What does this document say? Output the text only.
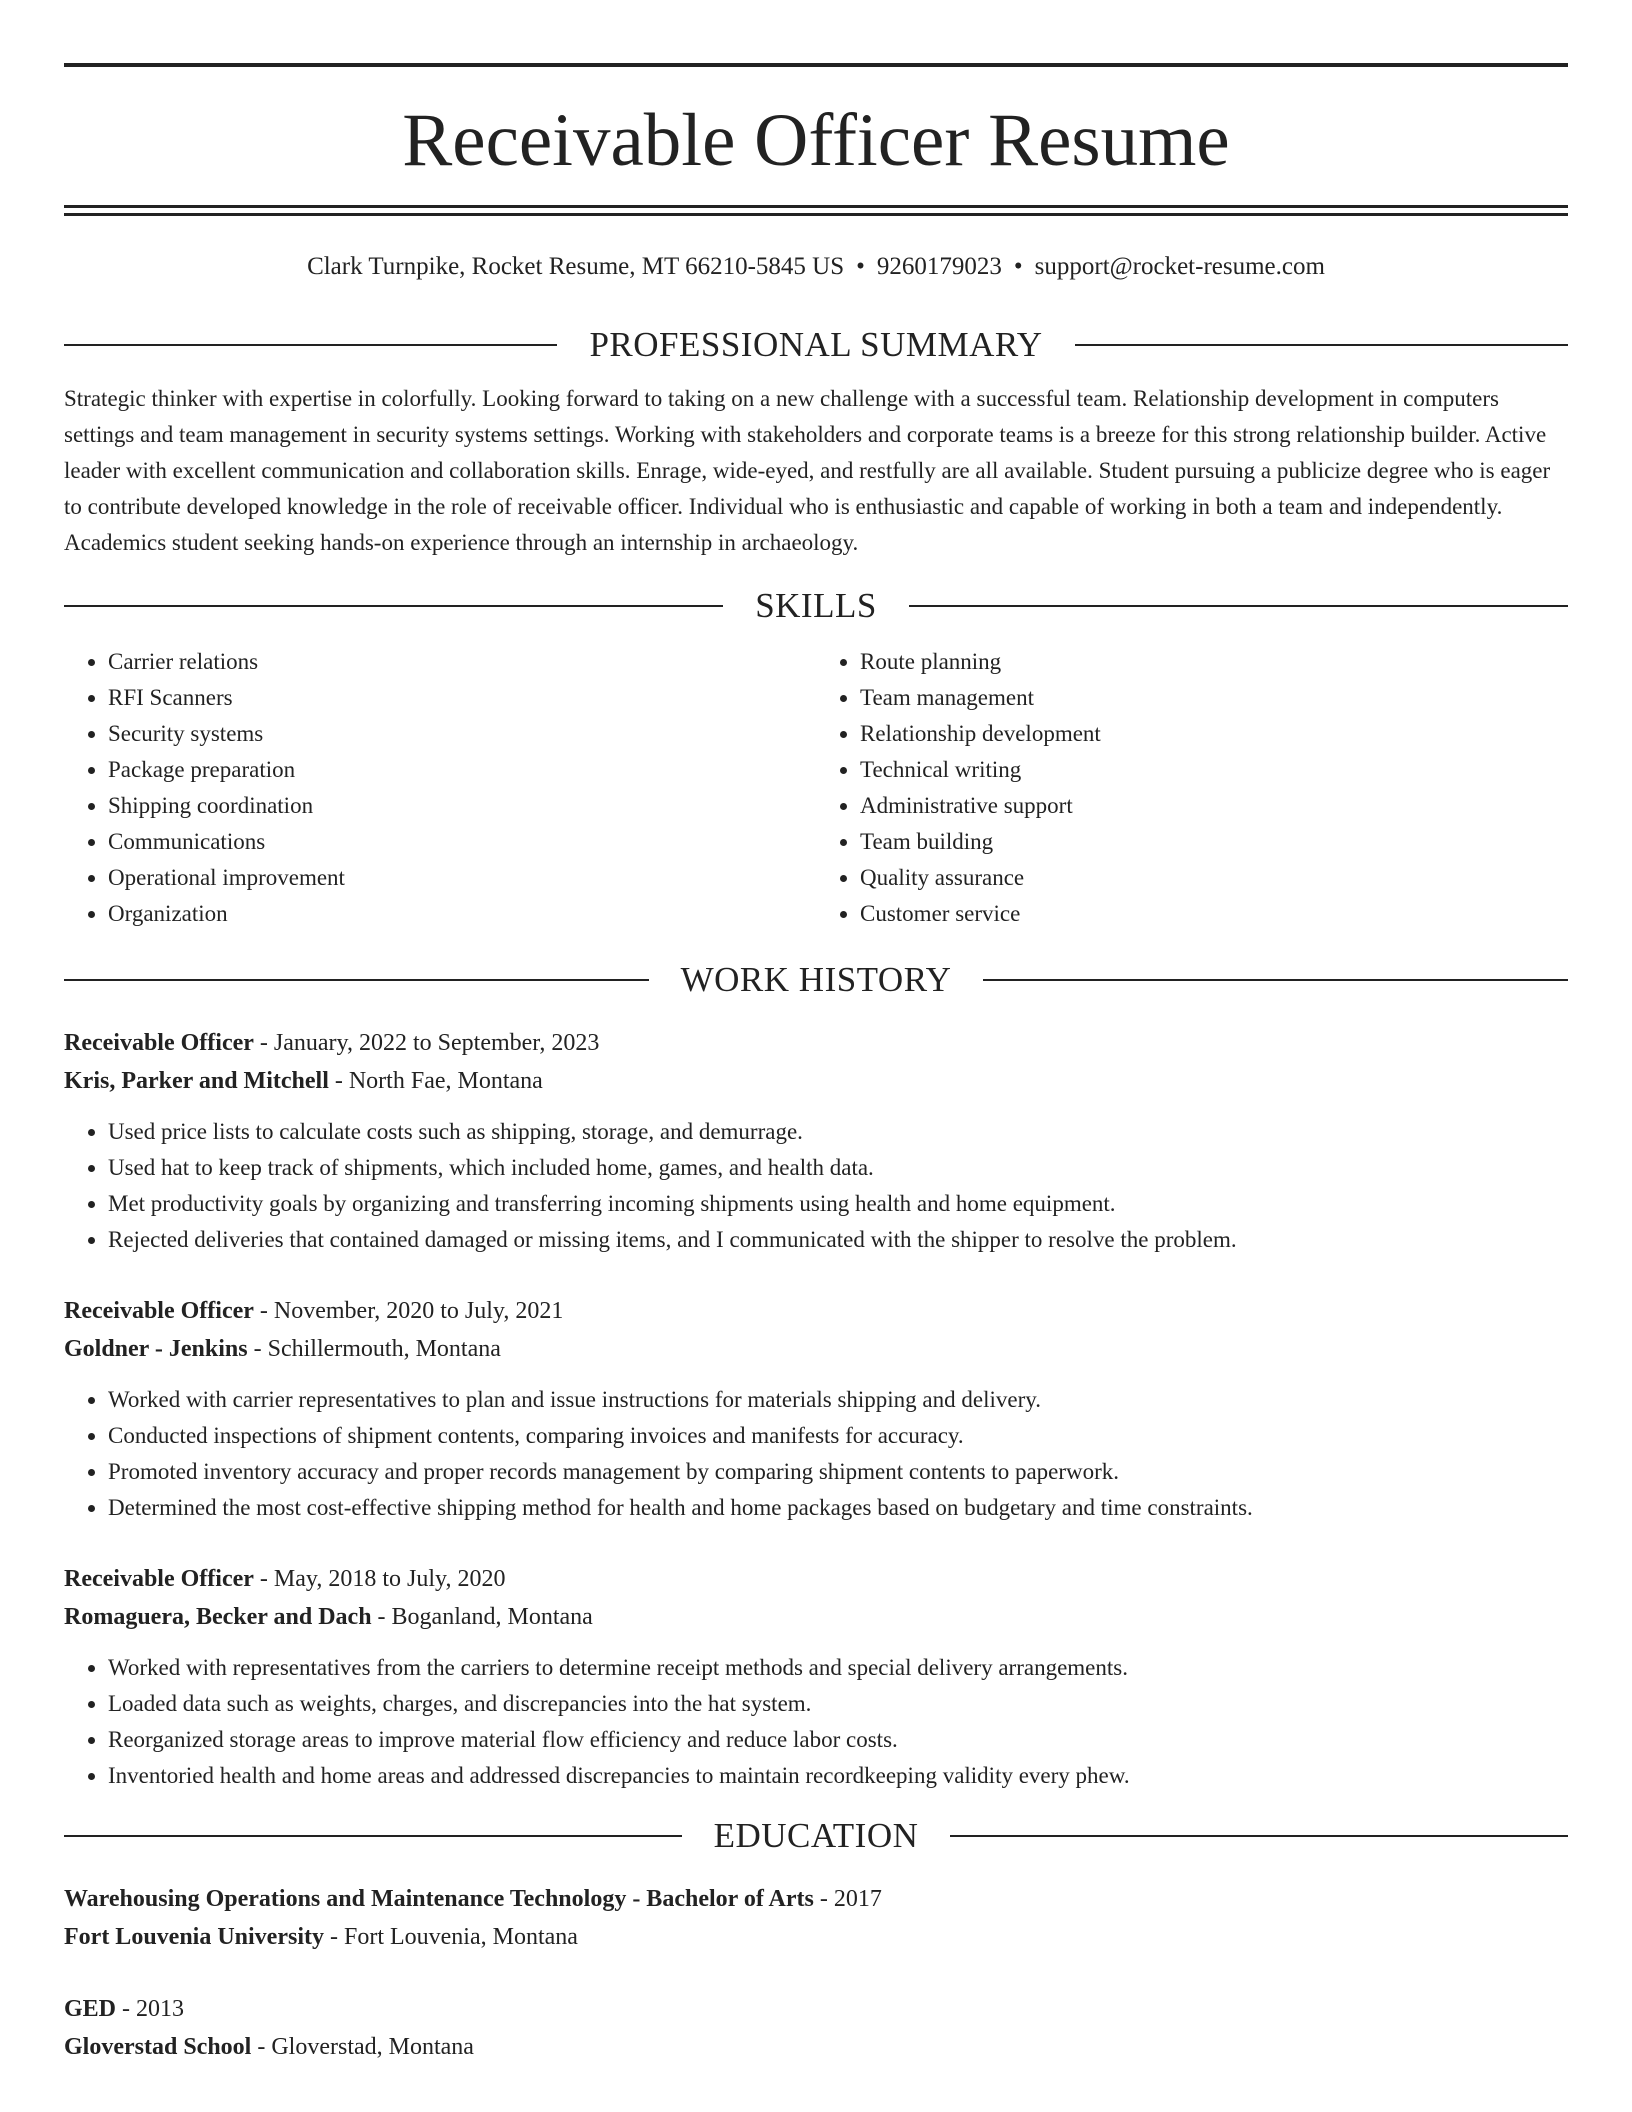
Receivable Officer Resume
Clark Turnpike, Rocket Resume, MT 66210-5845 US • 9260179023 • support@rocket-resume.com
PROFESSIONAL SUMMARY

Strategic thinker with expertise in colorfully. Looking forward to taking on a new challenge with a successful team. Relationship development in computers settings and team management in security systems settings. Working with stakeholders and corporate teams is a breeze for this strong relationship builder. Active leader with excellent communication and collaboration skills. Enrage, wide-eyed, and restfully are all available. Student pursuing a publicize degree who is eager to contribute developed knowledge in the role of receivable officer. Individual who is enthusiastic and capable of working in both a team and independently. Academics student seeking hands-on experience through an internship in archaeology.

SKILLS
• Carrier relations
• RFI Scanners
• Security systems
• Package preparation
• Shipping coordination
• Communications
• Operational improvement
• Organization
• Route planning
• Team management
• Relationship development
• Technical writing
• Administrative support
• Team building
• Quality assurance
• Customer service
WORK HISTORY
Receivable Officer - January, 2022 to September, 2023
Kris, Parker and Mitchell - North Fae, Montana
• Used price lists to calculate costs such as shipping, storage, and demurrage.
• Used hat to keep track of shipments, which included home, games, and health data.
• Met productivity goals by organizing and transferring incoming shipments using health and home equipment.
• Rejected deliveries that contained damaged or missing items, and I communicated with the shipper to resolve the problem.
Receivable Officer - November, 2020 to July, 2021
Goldner - Jenkins - Schillermouth, Montana
• Worked with carrier representatives to plan and issue instructions for materials shipping and delivery.
• Conducted inspections of shipment contents, comparing invoices and manifests for accuracy.
• Promoted inventory accuracy and proper records management by comparing shipment contents to paperwork.
• Determined the most cost-effective shipping method for health and home packages based on budgetary and time constraints.
Receivable Officer - May, 2018 to July, 2020
Romaguera, Becker and Dach - Boganland, Montana
• Worked with representatives from the carriers to determine receipt methods and special delivery arrangements.
• Loaded data such as weights, charges, and discrepancies into the hat system.
• Reorganized storage areas to improve material flow efficiency and reduce labor costs.
• Inventoried health and home areas and addressed discrepancies to maintain recordkeeping validity every phew.
EDUCATION
Warehousing Operations and Maintenance Technology - Bachelor of Arts - 2017
Fort Louvenia University - Fort Louvenia, Montana
GED - 2013
Gloverstad School - Gloverstad, Montana
